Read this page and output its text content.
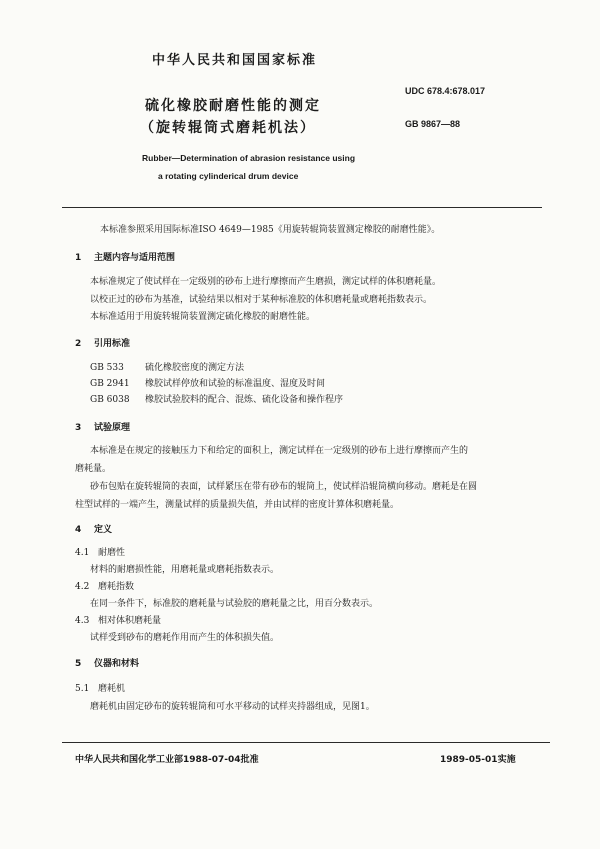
中华人民共和国国家标准
UDC 678.4:678.017
硫化橡胶耐磨性能的测定
GB 9867—88
（旋转辊筒式磨耗机法）
Rubber—Determination of abrasion resistance using
a rotating cylinderical drum device
本标准参照采用国际标准ISO 4649—1985《用旋转辊筒装置测定橡胶的耐磨性能》。
1 主题内容与适用范围
本标准规定了使试样在一定级别的砂布上进行摩擦而产生磨损，测定试样的体积磨耗量。
以校正过的砂布为基准，试验结果以相对于某种标准胶的体积磨耗量或磨耗指数表示。
本标准适用于用旋转辊筒装置测定硫化橡胶的耐磨性能。
2 引用标准
GB 533 硫化橡胶密度的测定方法
GB 2941 橡胶试样停放和试验的标准温度、湿度及时间
GB 6038 橡胶试验胶料的配合、混炼、硫化设备和操作程序
3 试验原理
本标准是在规定的接触压力下和给定的面积上，测定试样在一定级别的砂布上进行摩擦而产生的
磨耗量。
砂布包贴在旋转辊筒的表面，试样紧压在带有砂布的辊筒上，使试样沿辊筒横向移动。磨耗是在圆
柱型试样的一端产生，测量试样的质量损失值，并由试样的密度计算体积磨耗量。
4 定义
4.1 耐磨性
材料的耐磨损性能，用磨耗量或磨耗指数表示。
4.2 磨耗指数
在同一条件下，标准胶的磨耗量与试验胶的磨耗量之比，用百分数表示。
4.3 相对体积磨耗量
试样受到砂布的磨耗作用而产生的体积损失值。
5 仪器和材料
5.1 磨耗机
磨耗机由固定砂布的旋转辊筒和可水平移动的试样夹持器组成，见图1。
中华人民共和国化学工业部1988-07-04批准	1989-05-01实施
